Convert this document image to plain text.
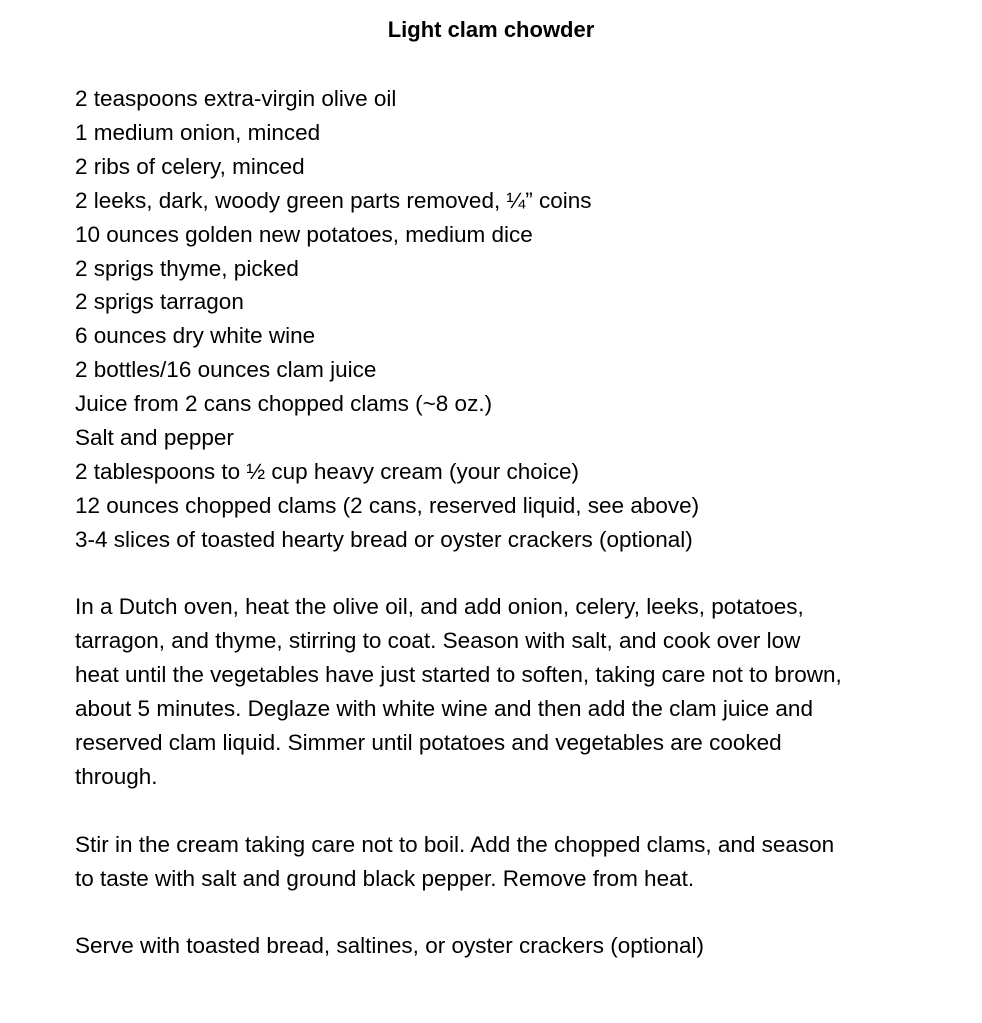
Light clam chowder
2 teaspoons extra-virgin olive oil
1 medium onion, minced
2 ribs of celery, minced
2 leeks, dark, woody green parts removed, ¼” coins
10 ounces golden new potatoes, medium dice
2 sprigs thyme, picked
2 sprigs tarragon
6 ounces dry white wine
2 bottles/16 ounces clam juice
Juice from 2 cans chopped clams (~8 oz.)
Salt and pepper
2 tablespoons to ½ cup heavy cream (your choice)
12 ounces chopped clams (2 cans, reserved liquid, see above)
3-4 slices of toasted hearty bread or oyster crackers (optional)

In a Dutch oven, heat the olive oil, and add onion, celery, leeks, potatoes,
tarragon, and thyme, stirring to coat. Season with salt, and cook over low
heat until the vegetables have just started to soften, taking care not to brown,
about 5 minutes. Deglaze with white wine and then add the clam juice and
reserved clam liquid. Simmer until potatoes and vegetables are cooked
through.

Stir in the cream taking care not to boil. Add the chopped clams, and season
to taste with salt and ground black pepper. Remove from heat.

Serve with toasted bread, saltines, or oyster crackers (optional)
